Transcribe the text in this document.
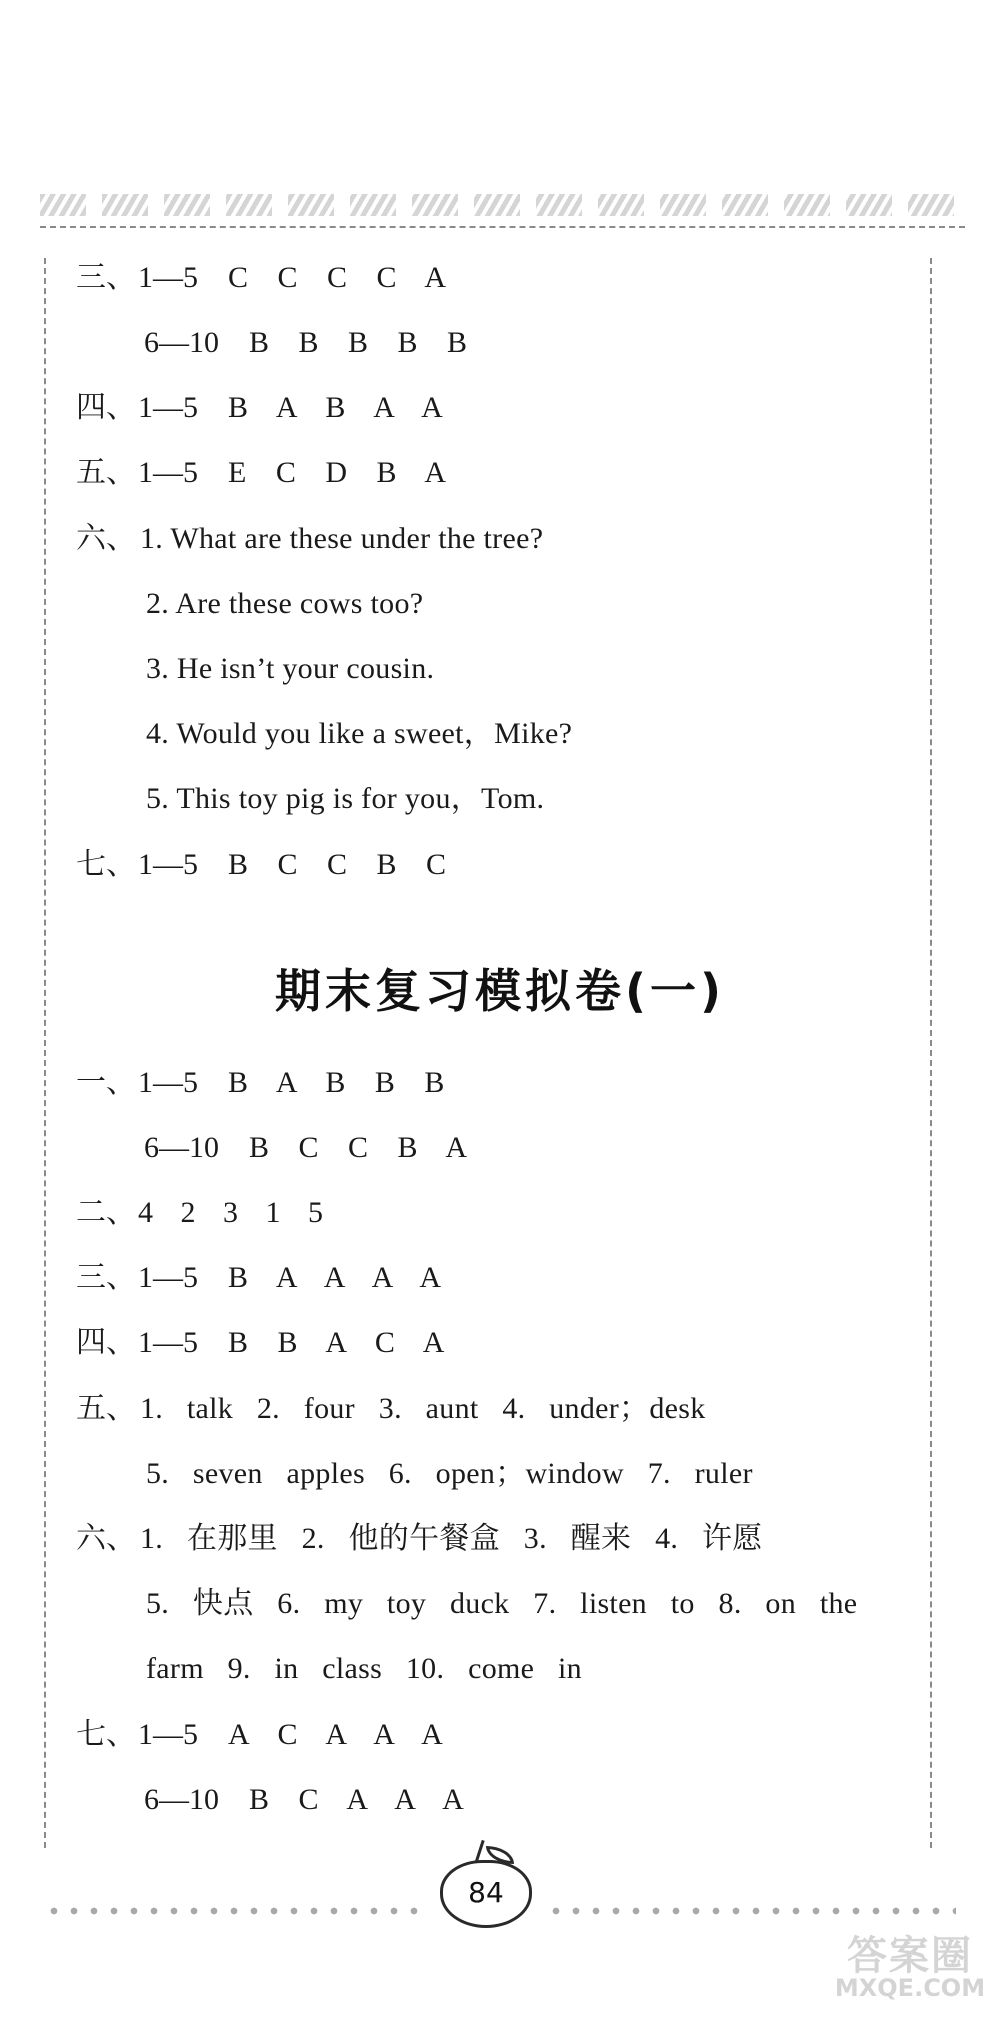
三、1—5 C C C C A
6—10 B B B B B
四、1—5 B A B A A
五、1—5 E C D B A
六、 1. What are these under the tree?
2. Are these cows too?
3. He isn’t your cousin.
4. Would you like a sweet，Mike?
5. This toy pig is for you，Tom.
七、1—5 B C C B C
期末复习模拟卷(一)
一、1—5 B A B B B
6—10 B C C B A
二、4 2 3 1 5
三、1—5 B A A A A
四、1—5 B B A C A
五、 1. talk 2. four 3. aunt 4. under；desk
5. seven apples 6. open；window 7. ruler
六、 1. 在那里 2. 他的午餐盒 3. 醒来 4. 许愿
5. 快点 6. my toy duck 7. listen to 8. on the
farm 9. in class 10. come in
七、1—5 A C A A A
6—10 B C A A A
84
答案圈
MXQE.COM
